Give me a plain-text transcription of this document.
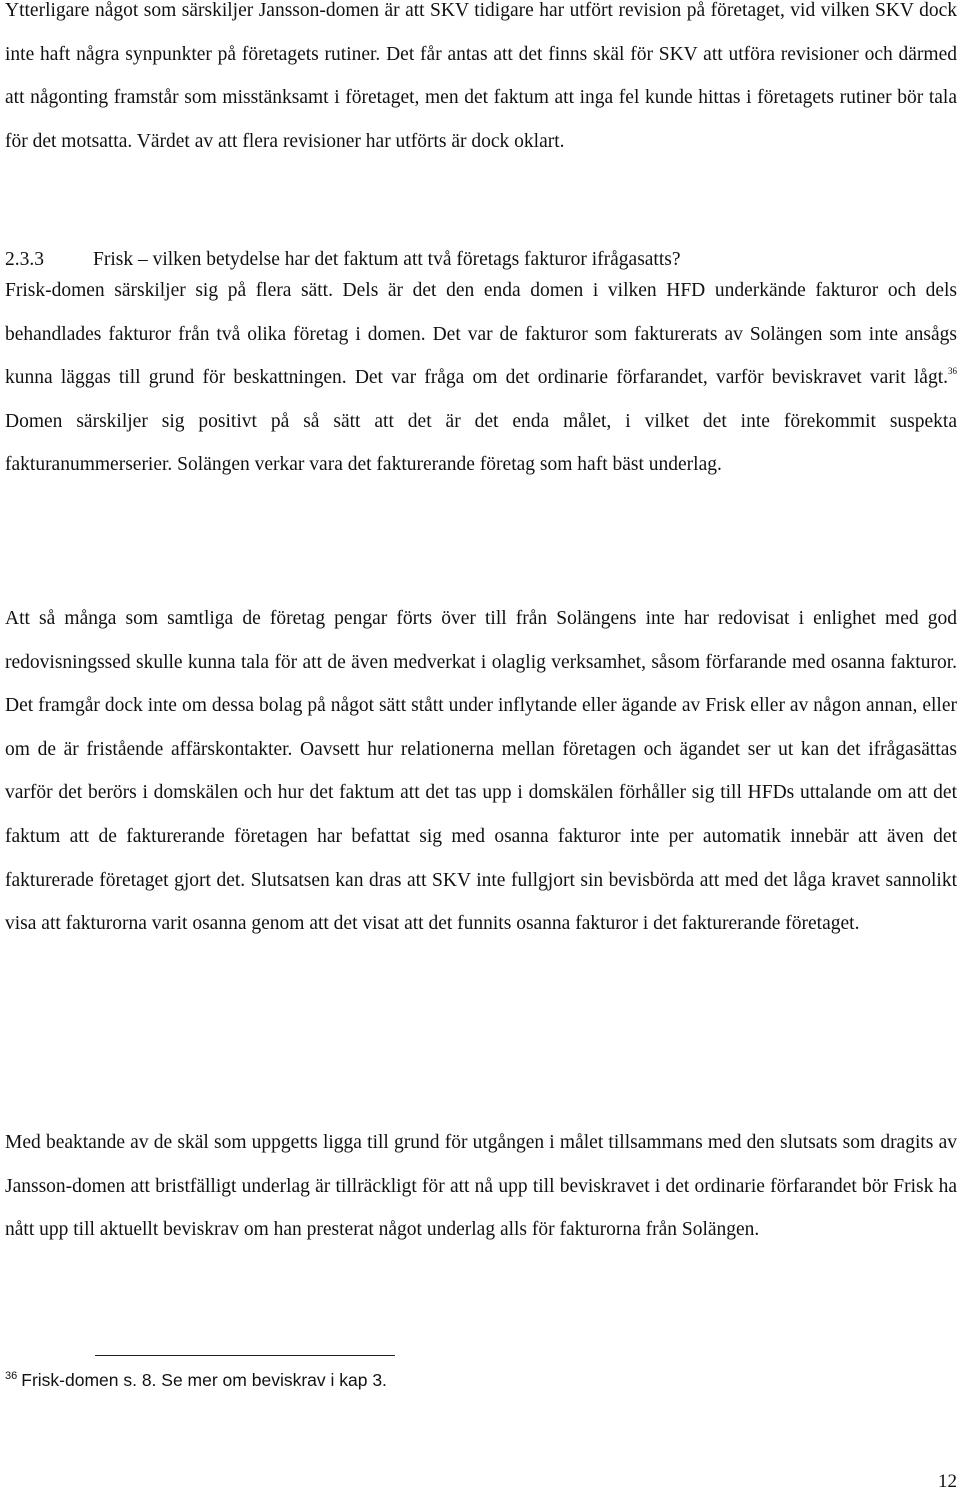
Ytterligare något som särskiljer Jansson-domen är att SKV tidigare har utfört revision på företaget, vid vilken SKV dock inte haft några synpunkter på företagets rutiner. Det får antas att det finns skäl för SKV att utföra revisioner och därmed att någonting framstår som misstänksamt i företaget, men det faktum att inga fel kunde hittas i företagets rutiner bör tala för det motsatta. Värdet av att flera revisioner har utförts är dock oklart.

2.3.3	Frisk – vilken betydelse har det faktum att två företags fakturor ifrågasatts?

Frisk-domen särskiljer sig på flera sätt. Dels är det den enda domen i vilken HFD underkände fakturor och dels behandlades fakturor från två olika företag i domen. Det var de fakturor som fakturerats av Solängen som inte ansågs kunna läggas till grund för beskattningen. Det var fråga om det ordinarie förfarandet, varför beviskravet varit lågt.$^{36}$ Domen särskiljer sig positivt på så sätt att det är det enda målet, i vilket det inte förekommit suspekta fakturanummerserier. Solängen verkar vara det fakturerande företag som haft bäst underlag.

Att så många som samtliga de företag pengar förts över till från Solängens inte har redovisat i enlighet med god redovisningssed skulle kunna tala för att de även medverkat i olaglig verksamhet, såsom förfarande med osanna fakturor. Det framgår dock inte om dessa bolag på något sätt stått under inflytande eller ägande av Frisk eller av någon annan, eller om de är fristående affärskontakter. Oavsett hur relationerna mellan företagen och ägandet ser ut kan det ifrågasättas varför det berörs i domskälen och hur det faktum att det tas upp i domskälen förhåller sig till HFDs uttalande om att det faktum att de fakturerande företagen har befattat sig med osanna fakturor inte per automatik innebär att även det fakturerade företaget gjort det. Slutsatsen kan dras att SKV inte fullgjort sin bevisbörda att med det låga kravet sannolikt visa att fakturorna varit osanna genom att det visat att det funnits osanna fakturor i det fakturerande företaget.

Med beaktande av de skäl som uppgetts ligga till grund för utgången i målet tillsammans med den slutsats som dragits av Jansson-domen att bristfälligt underlag är tillräckligt för att nå upp till beviskravet i det ordinarie förfarandet bör Frisk ha nått upp till aktuellt beviskrav om han presterat något underlag alls för fakturorna från Solängen.

$^{36}$ Frisk-domen s. 8. Se mer om beviskrav i kap 3.

12
